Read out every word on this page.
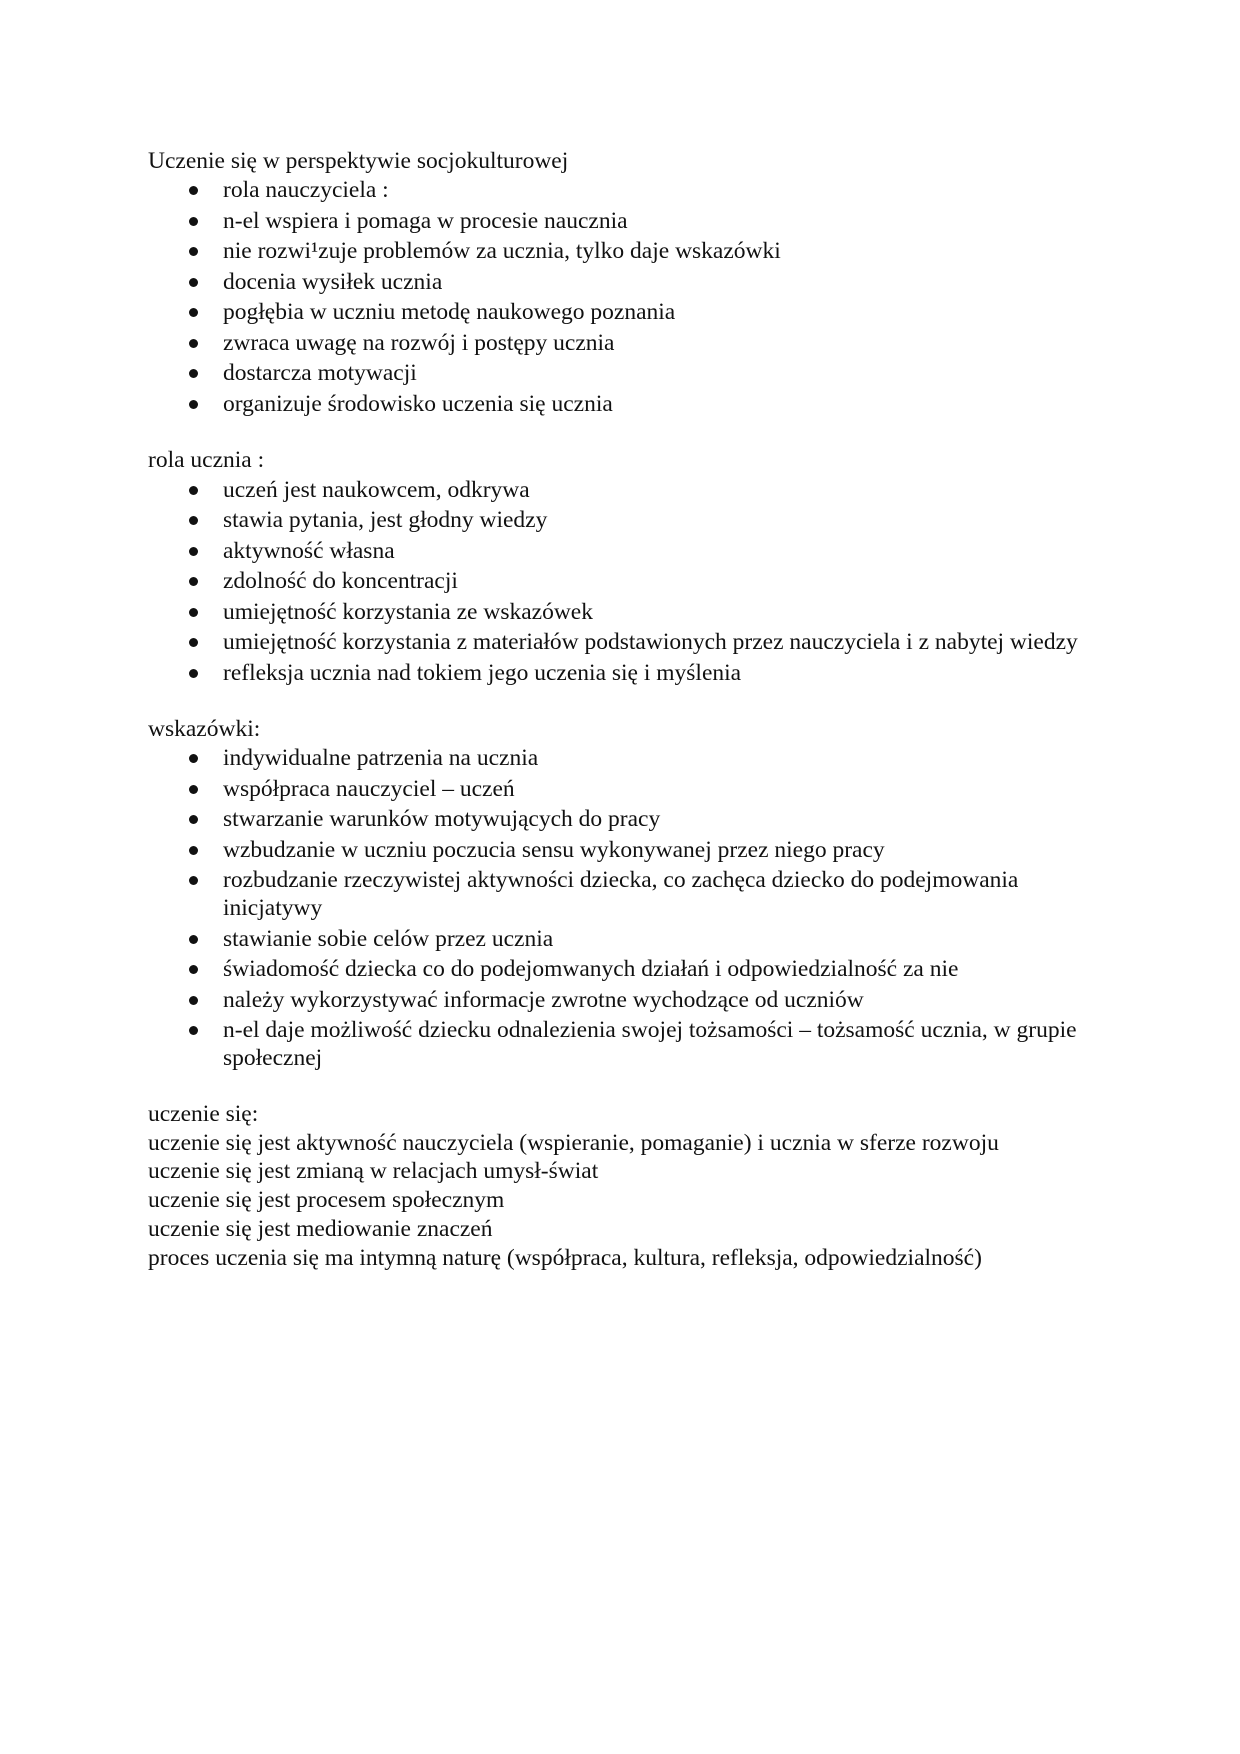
Uczenie się w perspektywie socjokulturowej
rola nauczyciela :
n-el wspiera i pomaga w procesie naucznia
nie rozwi¹zuje problemów za ucznia, tylko daje wskazówki
docenia wysiłek ucznia
pogłębia w uczniu metodę naukowego poznania
zwraca uwagę na rozwój i postępy ucznia
dostarcza motywacji
organizuje środowisko uczenia się ucznia
rola ucznia :
uczeń jest naukowcem, odkrywa
stawia pytania, jest głodny wiedzy
aktywność własna
zdolność do koncentracji
umiejętność korzystania ze wskazówek
umiejętność korzystania z materiałów podstawionych przez nauczyciela i z nabytej wiedzy
refleksja ucznia nad tokiem jego uczenia się i myślenia
wskazówki:
indywidualne patrzenia na ucznia
współpraca nauczyciel – uczeń
stwarzanie warunków motywujących do pracy
wzbudzanie w uczniu poczucia sensu wykonywanej przez niego pracy
rozbudzanie rzeczywistej aktywności dziecka, co zachęca dziecko do podejmowania inicjatywy
stawianie sobie celów przez ucznia
świadomość dziecka co do podejomwanych działań i odpowiedzialność za nie
należy wykorzystywać informacje zwrotne wychodzące od uczniów
n-el daje możliwość dziecku odnalezienia swojej tożsamości – tożsamość ucznia, w grupie społecznej
uczenie się:
uczenie się jest aktywność nauczyciela (wspieranie, pomaganie) i ucznia w sferze rozwoju
uczenie się jest zmianą w relacjach umysł-świat
uczenie się jest procesem społecznym
uczenie się jest mediowanie znaczeń
proces uczenia się ma intymną naturę (współpraca, kultura, refleksja, odpowiedzialność)
